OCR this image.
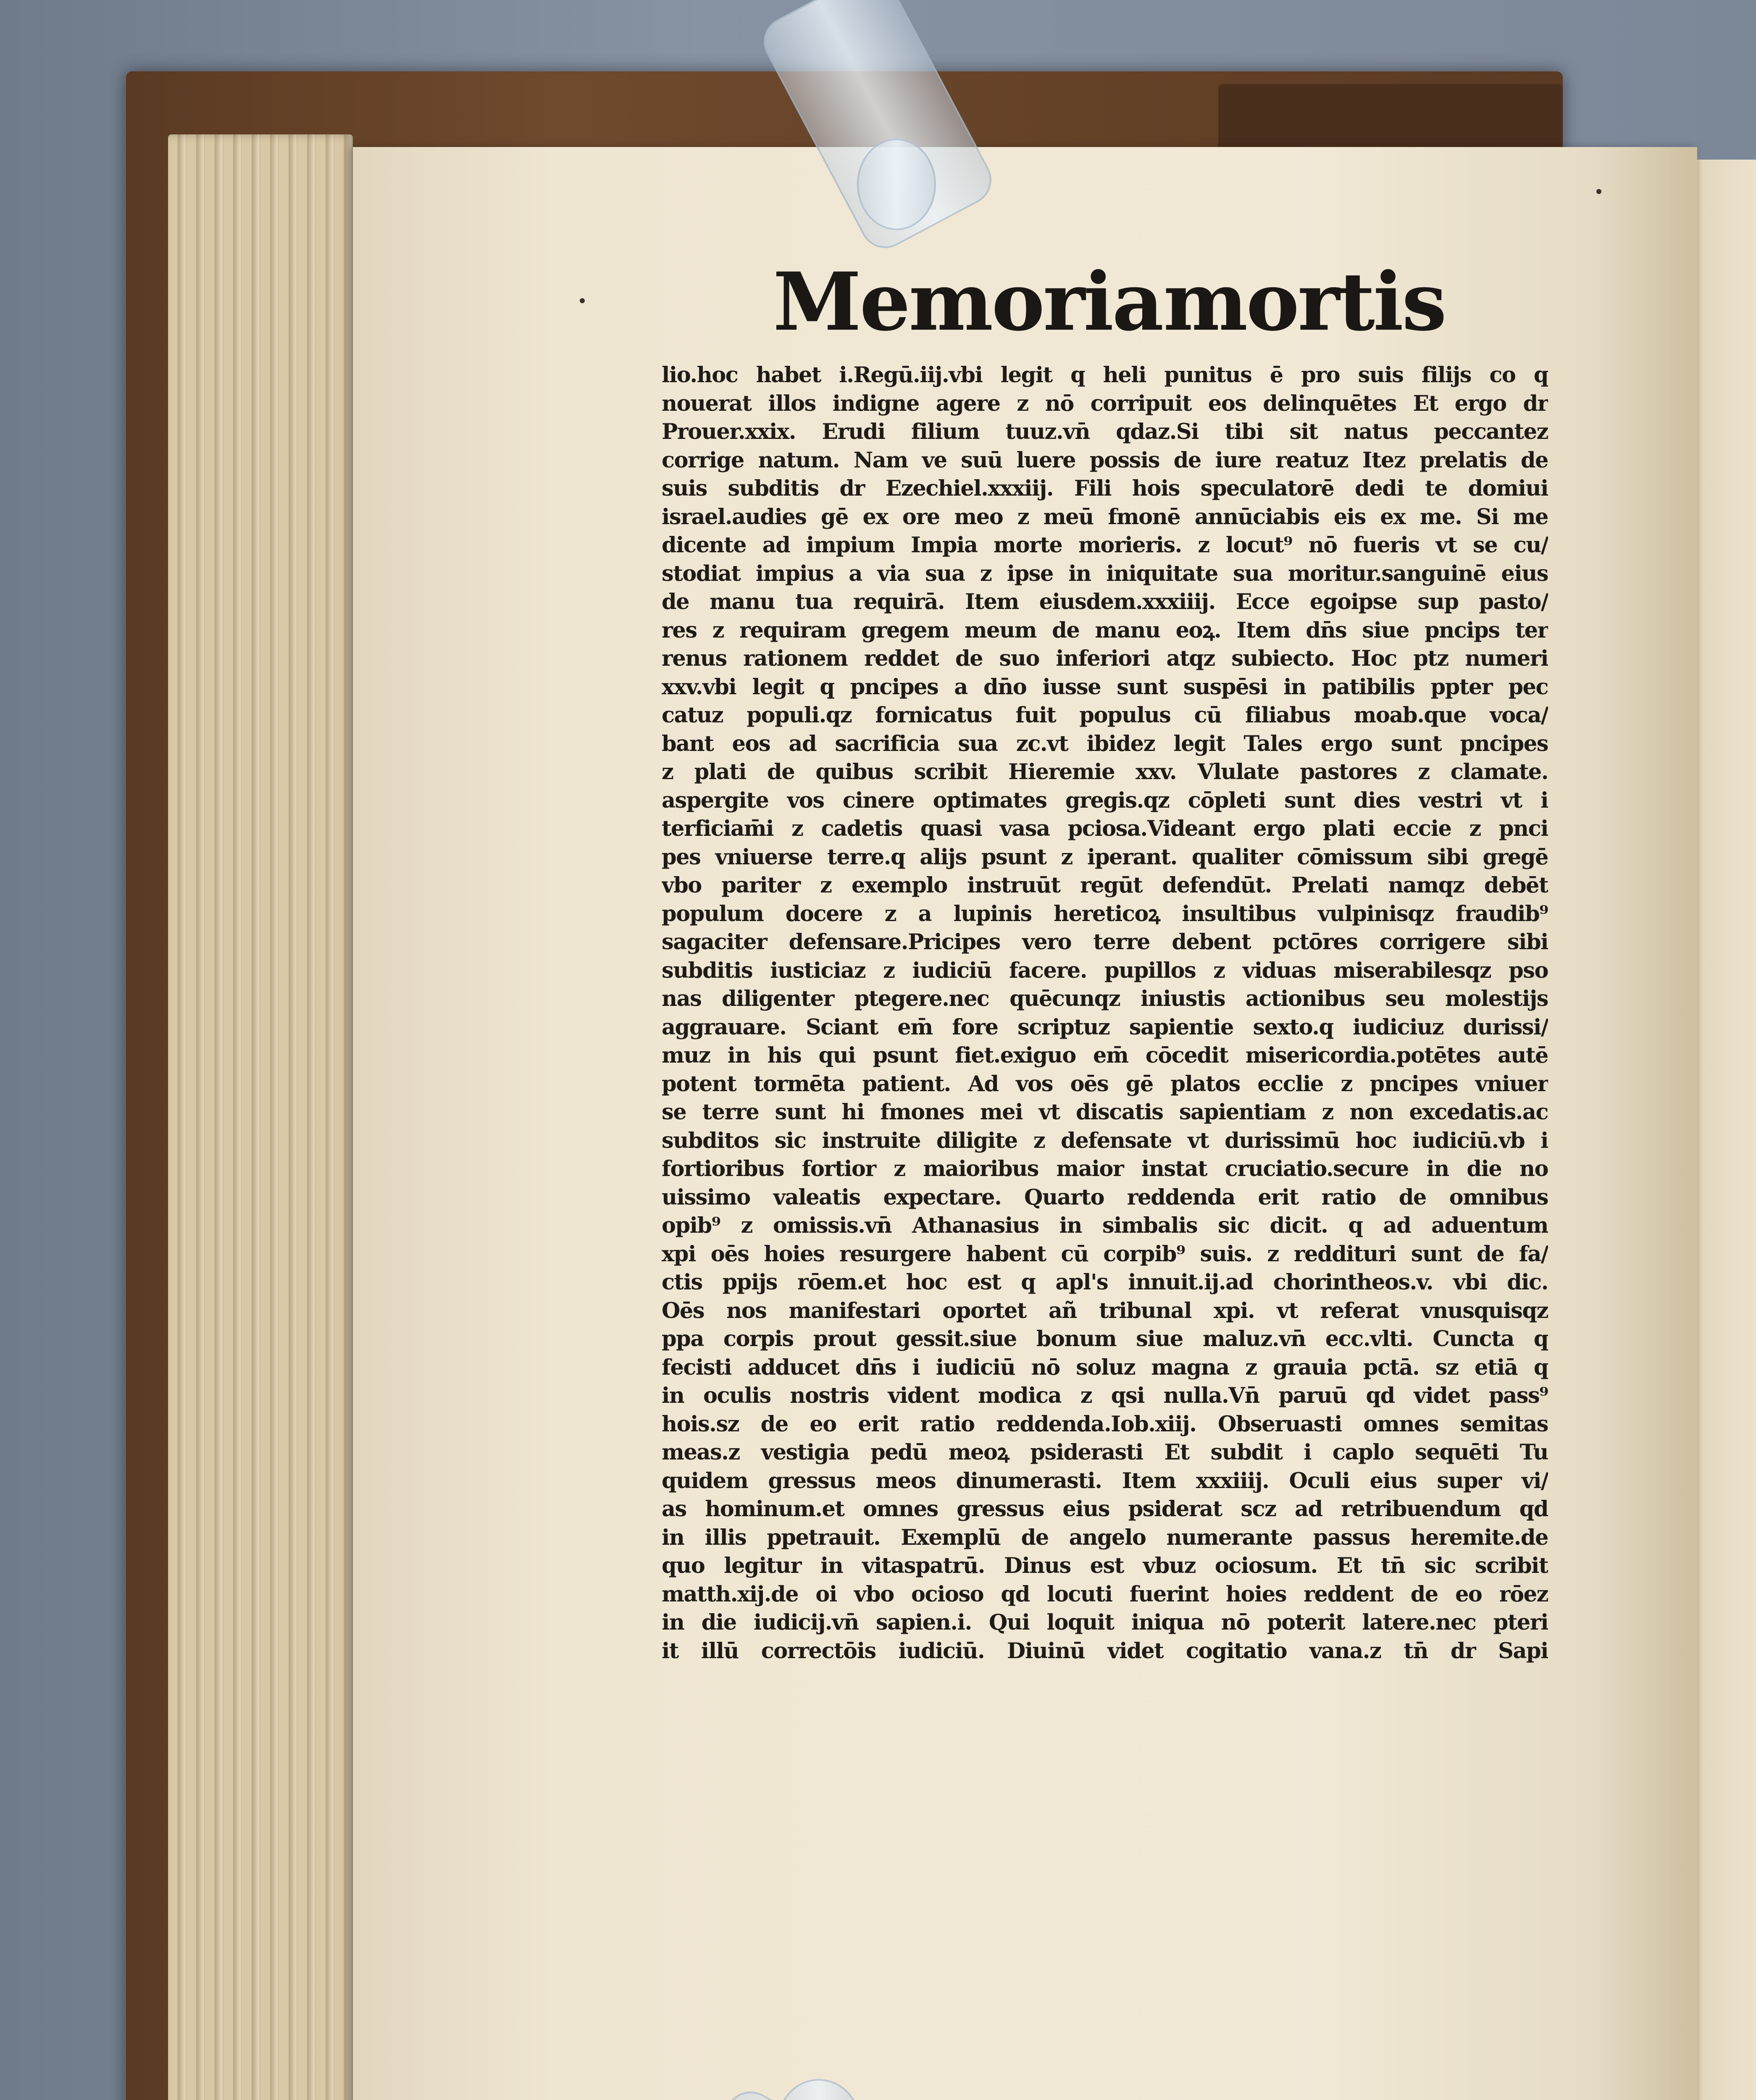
Memoria mortis
lio.hoc habet i.Regū.iij.vbi legit q heli punitus ē pro suis filijs co q
nouerat illos indigne agere z nō corripuit eos delinquētes Et ergo dr
Prouer.xxix. Erudi filium tuuz.vn̄ qdaz.Si tibi sit natus peccantez
corrige natum. Nam ve suū luere possis de iure reatuz Itez prelatis de
suis subditis dr Ezechiel.xxxiij. Fili hois speculatorē dedi te domiui
israel.audies gē ex ore meo z meū fmonē annūciabis eis ex me. Si me
dicente ad impium Impia morte morieris. z locut⁹ nō fueris vt se cu/
stodiat impius a via sua z ipse in iniquitate sua moritur.sanguinē eius
de manu tua requirā. Item eiusdem.xxxiiij. Ecce egoipse sup pasto/
res z requiram gregem meum de manu eoꝝ. Item dn̄s siue pncips ter
renus rationem reddet de suo inferiori atqz subiecto. Hoc ptz numeri
xxv.vbi legit q pncipes a dn̄o iusse sunt suspēsi in patibilis ppter pec
catuz populi.qz fornicatus fuit populus cū filiabus moab.que voca/
bant eos ad sacrificia sua zc.vt ibidez legit Tales ergo sunt pncipes
z plati de quibus scribit Hieremie xxv. Vlulate pastores z clamate.
aspergite vos cinere optimates gregis.qz cōpleti sunt dies vestri vt i
terficiam̄i z cadetis quasi vasa pciosa.Videant ergo plati eccie z pnci
pes vniuerse terre.q alijs psunt z iperant. qualiter cōmissum sibi gregē
vbo pariter z exemplo instruūt regūt defendūt. Prelati namqz debēt
populum docere z a lupinis hereticoꝝ insultibus vulpinisqz fraudib⁹
sagaciter defensare.Pricipes vero terre debent pctōres corrigere sibi
subditis iusticiaz z iudiciū facere. pupillos z viduas miserabilesqz pso
nas diligenter ptegere.nec quēcunqz iniustis actionibus seu molestijs
aggrauare. Sciant em̄ fore scriptuz sapientie sexto.q iudiciuz durissi/
muz in his qui psunt fiet.exiguo em̄ cōcedit misericordia.potētes autē
potent tormēta patient. Ad vos oēs gē platos ecclie z pncipes vniuer
se terre sunt hi fmones mei vt discatis sapientiam z non excedatis.ac
subditos sic instruite diligite z defensate vt durissimū hoc iudiciū.vb i
fortioribus fortior z maioribus maior instat cruciatio.secure in die no
uissimo valeatis expectare. Quarto reddenda erit ratio de omnibus
opib⁹ z omissis.vn̄ Athanasius in simbalis sic dicit. q ad aduentum
xpi oēs hoies resurgere habent cū corpib⁹ suis. z reddituri sunt de fa/
ctis ppijs rōem.et hoc est q apl's innuit.ij.ad chorintheos.v. vbi dic.
Oēs nos manifestari oportet añ tribunal xpi. vt referat vnusquisqz
ppa corpis prout gessit.siue bonum siue maluz.vn̄ ecc.vlti. Cuncta q
fecisti adducet dn̄s i iudiciū nō soluz magna z grauia pctā. sz etiā q
in oculis nostris vident modica z qsi nulla.Vn̄ paruū qd videt pass⁹
hois.sz de eo erit ratio reddenda.Iob.xiij. Obseruasti omnes semitas
meas.z vestigia pedū meoꝝ psiderasti Et subdit i caplo sequēti Tu
quidem gressus meos dinumerasti. Item xxxiiij. Oculi eius super vi/
as hominum.et omnes gressus eius psiderat scz ad retribuendum qd
in illis ppetrauit. Exemplū de angelo numerante passus heremite.de
quo legitur in vitaspatrū. Dinus est vbuz ociosum. Et tn̄ sic scribit
matth.xij.de oi vbo ocioso qd locuti fuerint hoies reddent de eo rōez
in die iudicij.vn̄ sapien.i. Qui loquit iniqua nō poterit latere.nec pteri
it illū correctōis iudiciū. Diuinū videt cogitatio vana.z tn̄ dr Sapi
